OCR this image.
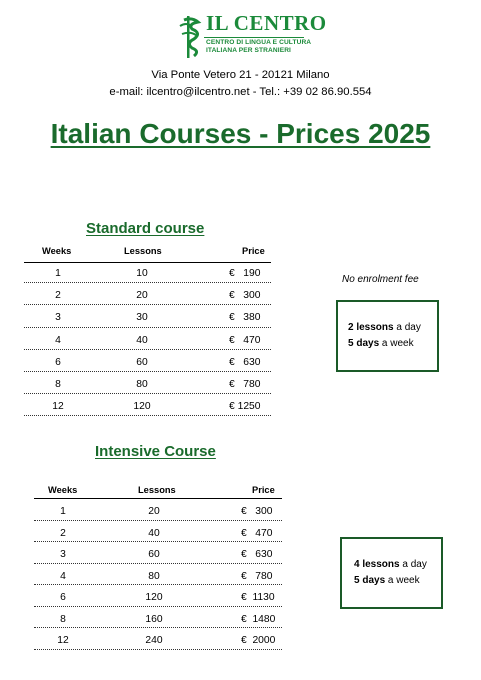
IL CENTRO
CENTRO DI LINGUA E CULTURA
ITALIANA PER STRANIERI
Via Ponte Vetero 21 - 20121 Milano
e-mail: ilcentro@ilcentro.net - Tel.: +39 02 86.90.554
Italian Courses - Prices 2025
Standard course
Weeks	Lessons	Price
1	10	€   190
2	20	€   300
3	30	€   380
4	40	€   470
6	60	€   630
8	80	€   780
12	120	€ 1250
No enrolment fee
2 lessons a day
5 days a week
Intensive Course
Weeks	Lessons	Price
1	20	€   300
2	40	€   470
3	60	€   630
4	80	€   780
6	120	€  1130
8	160	€  1480
12	240	€  2000
4 lessons a day
5 days a week
